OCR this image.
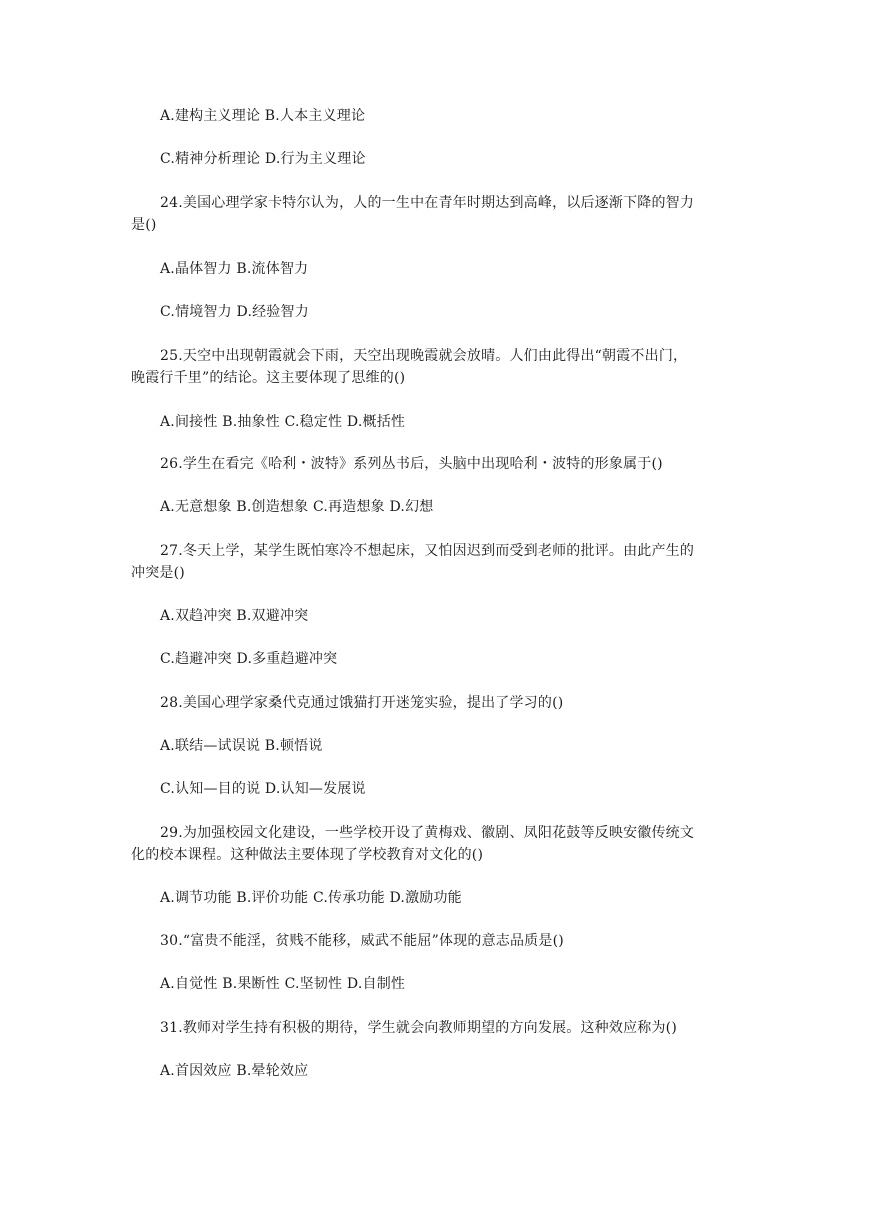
A.建构主义理论 B.人本主义理论
C.精神分析理论 D.行为主义理论
24.美国心理学家卡特尔认为，人的一生中在青年时期达到高峰，以后逐渐下降的智力
是()
A.晶体智力 B.流体智力
C.情境智力 D.经验智力
25.天空中出现朝霞就会下雨，天空出现晚霞就会放晴。人们由此得出“朝霞不出门，
晚霞行千里”的结论。这主要体现了思维的()
A.间接性 B.抽象性 C.稳定性 D.概括性
26.学生在看完《哈利・波特》系列丛书后，头脑中出现哈利・波特的形象属于()
A.无意想象 B.创造想象 C.再造想象 D.幻想
27.冬天上学，某学生既怕寒冷不想起床，又怕因迟到而受到老师的批评。由此产生的
冲突是()
A.双趋冲突 B.双避冲突
C.趋避冲突 D.多重趋避冲突
28.美国心理学家桑代克通过饿猫打开迷笼实验，提出了学习的()
A.联结—试误说 B.顿悟说
C.认知—目的说 D.认知—发展说
29.为加强校园文化建设，一些学校开设了黄梅戏、徽剧、凤阳花鼓等反映安徽传统文
化的校本课程。这种做法主要体现了学校教育对文化的()
A.调节功能 B.评价功能 C.传承功能 D.激励功能
30.“富贵不能淫，贫贱不能移，威武不能屈”体现的意志品质是()
A.自觉性 B.果断性 C.坚韧性 D.自制性
31.教师对学生持有积极的期待，学生就会向教师期望的方向发展。这种效应称为()
A.首因效应 B.晕轮效应
